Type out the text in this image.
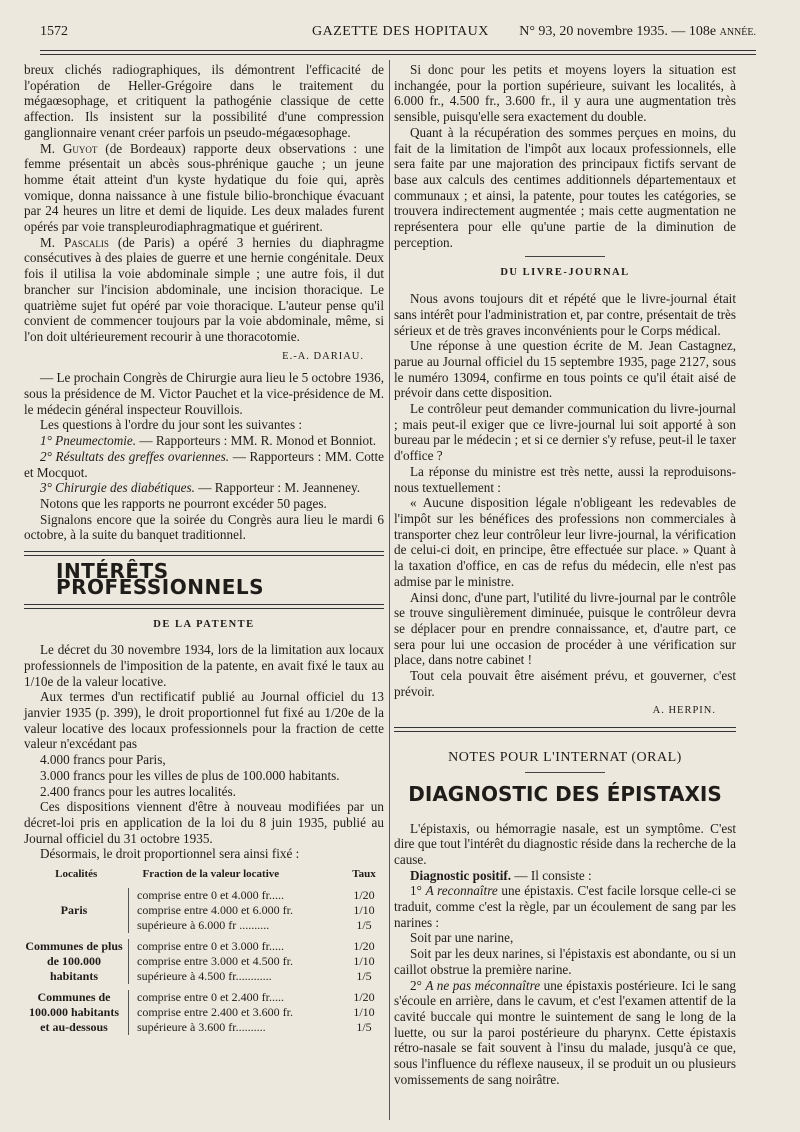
1572	GAZETTE DES HOPITAUX N° 93, 20 novembre 1935. — 108e ANNÉE.

breux clichés radiographiques, ils démontrent l'efficacité de l'opération de Heller-Grégoire dans le traitement du mégaœsophage, et critiquent la pathogénie classique de cette affection. Ils insistent sur la possibilité d'une compression ganglionnaire venant créer parfois un pseudo-mégaœsophage.

M. Guyot (de Bordeaux) rapporte deux observations : une femme présentait un abcès sous-phrénique gauche ; un jeune homme était atteint d'un kyste hydatique du foie qui, après vomique, donna naissance à une fistule bilio-bronchique évacuant par 24 heures un litre et demi de liquide. Les deux malades furent opérés par voie transpleurodiaphragmatique et guérirent.

M. Pascalis (de Paris) a opéré 3 hernies du diaphragme consécutives à des plaies de guerre et une hernie congénitale. Deux fois il utilisa la voie abdominale simple ; une autre fois, il dut brancher sur l'incision abdominale, une incision thoracique. Le quatrième sujet fut opéré par voie thoracique. L'auteur pense qu'il convient de commencer toujours par la voie abdominale, même, si l'on doit ultérieurement recourir à une thoracotomie.

E.-A. DARIAU.

— Le prochain Congrès de Chirurgie aura lieu le 5 octobre 1936, sous la présidence de M. Victor Pauchet et la vice-présidence de M. le médecin général inspecteur Rouvillois.

Les questions à l'ordre du jour sont les suivantes :

1° Pneumectomie. — Rapporteurs : MM. R. Monod et Bonniot.

2° Résultats des greffes ovariennes. — Rapporteurs : MM. Cotte et Mocquot.

3° Chirurgie des diabétiques. — Rapporteur : M. Jeanneney.

Notons que les rapports ne pourront excéder 50 pages.

Signalons encore que la soirée du Congrès aura lieu le mardi 6 octobre, à la suite du banquet traditionnel.

INTÉRÊTS PROFESSIONNELS

DE LA PATENTE

Le décret du 30 novembre 1934, lors de la limitation aux locaux professionnels de l'imposition de la patente, en avait fixé le taux au 1/10e de la valeur locative.

Aux termes d'un rectificatif publié au Journal officiel du 13 janvier 1935 (p. 399), le droit proportionnel fut fixé au 1/20e de la valeur locative des locaux professionnels pour la fraction de cette valeur n'excédant pas

4.000 francs pour Paris,

3.000 francs pour les villes de plus de 100.000 habitants.

2.400 francs pour les autres localités.

Ces dispositions viennent d'être à nouveau modifiées par un décret-loi pris en application de la loi du 8 juin 1935, publié au Journal officiel du 31 octobre 1935.

Désormais, le droit proportionnel sera ainsi fixé :

Localités	Fraction de la valeur locative	Taux
Paris	comprise entre 0 et 4.000 fr.....	1/20
	comprise entre 4.000 et 6.000 fr.	1/10
	supérieure à 6.000 fr ..........	1/5

Communes de plus de 100.000 habitants	comprise entre 0 et 3.000 fr.....	1/20
	comprise entre 3.000 et 4.500 fr.	1/10
	supérieure à 4.500 fr............	1/5

Communes de 100.000 habitants et au-dessous	comprise entre 0 et 2.400 fr.....	1/20
	comprise entre 2.400 et 3.600 fr.	1/10
	supérieure à 3.600 fr..........	1/5

Si donc pour les petits et moyens loyers la situation est inchangée, pour la portion supérieure, suivant les localités, à 6.000 fr., 4.500 fr., 3.600 fr., il y aura une augmentation très sensible, puisqu'elle sera exactement du double.

Quant à la récupération des sommes perçues en moins, du fait de la limitation de l'impôt aux locaux professionnels, elle sera faite par une majoration des principaux fictifs servant de base aux calculs des centimes additionnels départementaux et communaux ; et ainsi, la patente, pour toutes les catégories, se trouvera indirectement augmentée ; mais cette augmentation ne représentera pour elle qu'une partie de la diminution de perception.

DU LIVRE-JOURNAL

Nous avons toujours dit et répété que le livre-journal était sans intérêt pour l'administration et, par contre, présentait de très sérieux et de très graves inconvénients pour le Corps médical.

Une réponse à une question écrite de M. Jean Castagnez, parue au Journal officiel du 15 septembre 1935, page 2127, sous le numéro 13094, confirme en tous points ce qu'il était aisé de prévoir dans cette disposition.

Le contrôleur peut demander communication du livre-journal ; mais peut-il exiger que ce livre-journal lui soit apporté à son bureau par le médecin ; et si ce dernier s'y refuse, peut-il le taxer d'office ?

La réponse du ministre est très nette, aussi la reproduisons-nous textuellement :

« Aucune disposition légale n'obligeant les redevables de l'impôt sur les bénéfices des professions non commerciales à transporter chez leur contrôleur leur livre-journal, la vérification de celui-ci doit, en principe, être effectuée sur place. » Quant à la taxation d'office, en cas de refus du médecin, elle n'est pas admise par le ministre.

Ainsi donc, d'une part, l'utilité du livre-journal par le contrôle se trouve singulièrement diminuée, puisque le contrôleur devra se déplacer pour en prendre connaissance, et, d'autre part, ce sera pour lui une occasion de procéder à une vérification sur place, dans notre cabinet !

Tout cela pouvait être aisément prévu, et gouverner, c'est prévoir.

A. HERPIN.

NOTES POUR L'INTERNAT (ORAL)

DIAGNOSTIC DES ÉPISTAXIS

L'épistaxis, ou hémorragie nasale, est un symptôme. C'est dire que tout l'intérêt du diagnostic réside dans la recherche de la cause.

Diagnostic positif. — Il consiste :

1° A reconnaître une épistaxis. C'est facile lorsque celle-ci se traduit, comme c'est la règle, par un écoulement de sang par les narines :

Soit par une narine,

Soit par les deux narines, si l'épistaxis est abondante, ou si un caillot obstrue la première narine.

2° A ne pas méconnaître une épistaxis postérieure. Ici le sang s'écoule en arrière, dans le cavum, et c'est l'examen attentif de la cavité buccale qui montre le suintement de sang le long de la luette, ou sur la paroi postérieure du pharynx. Cette épistaxis rétro-nasale se fait souvent à l'insu du malade, jusqu'à ce que, sous l'influence du réflexe nauseux, il se produit un ou plusieurs vomissements de sang noirâtre.
